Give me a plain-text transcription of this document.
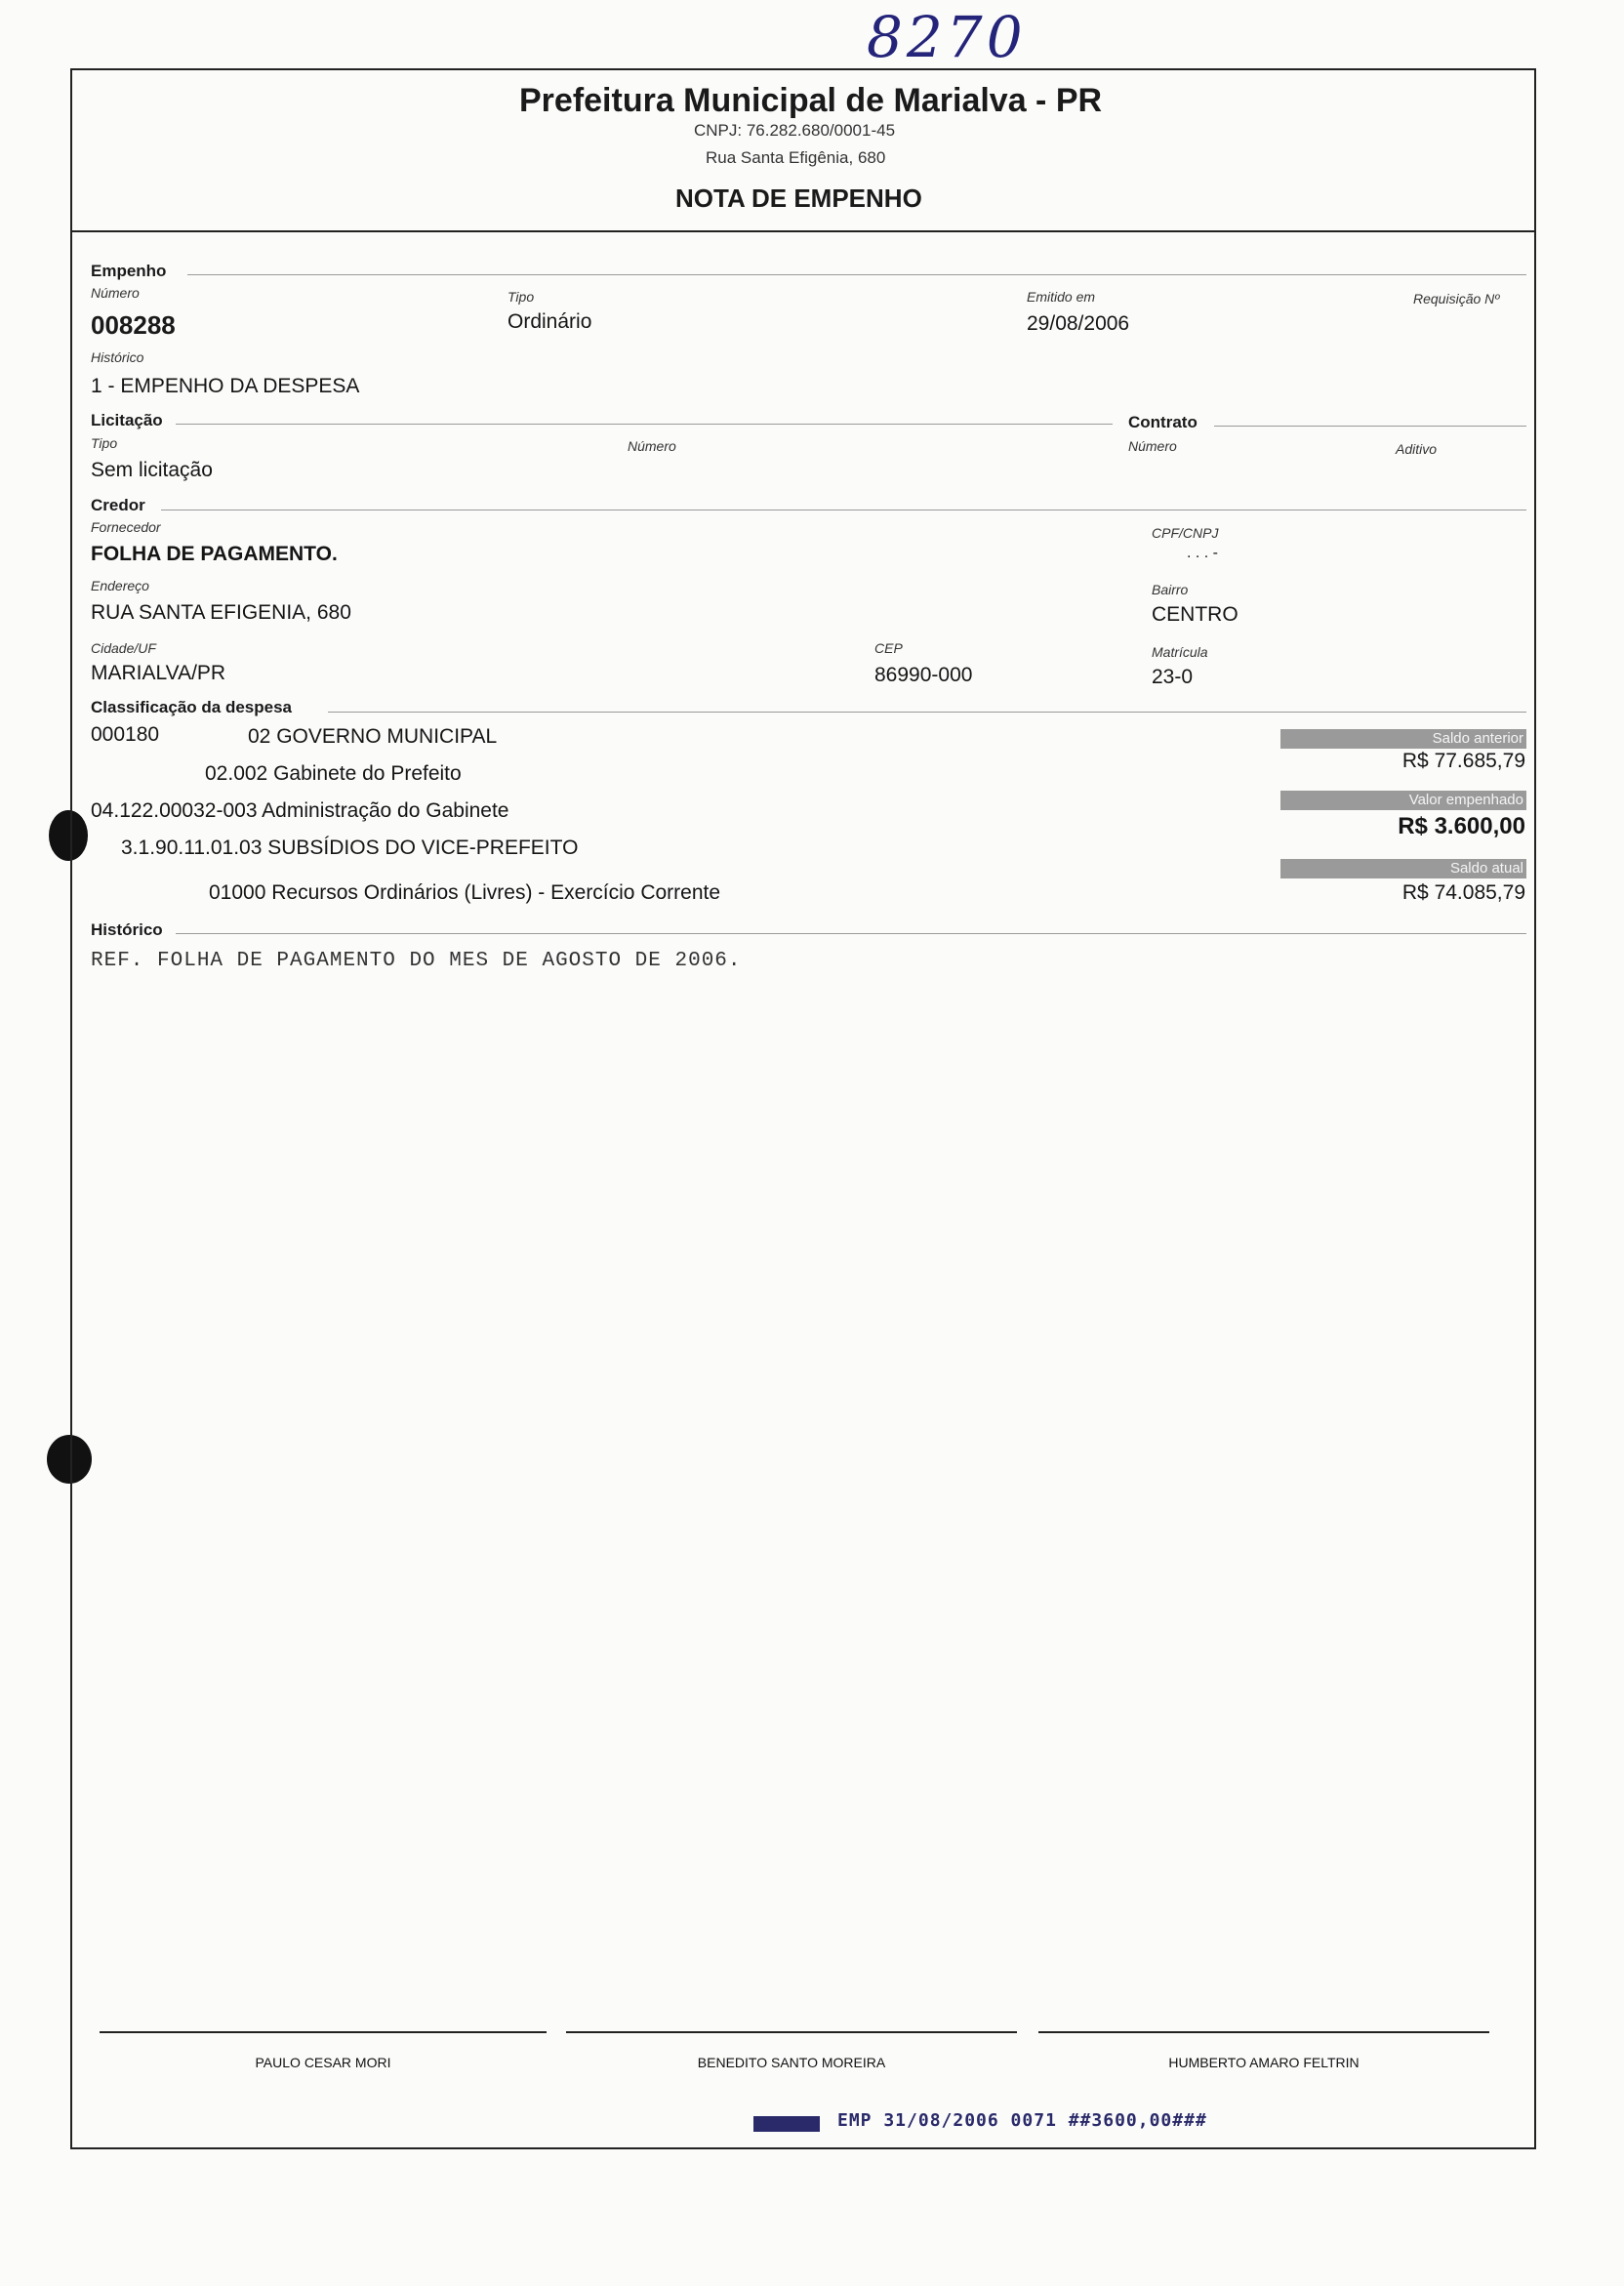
8270
Prefeitura Municipal de Marialva - PR
CNPJ: 76.282.680/0001-45
Rua Santa Efigênia, 680
NOTA DE EMPENHO
Empenho
Número
008288
Tipo
Ordinário
Emitido em
29/08/2006
Requisição Nº
Histórico
1 - EMPENHO DA DESPESA
Licitação	Contrato
Tipo
Sem licitação
Número	Número	Aditivo
Credor
Fornecedor
FOLHA DE PAGAMENTO.
CPF/CNPJ
. . . -
Endereço
RUA SANTA EFIGENIA, 680
Bairro
CENTRO
Cidade/UF
MARIALVA/PR
CEP
86990-000
Matrícula
23-0
Classificação da despesa
000180	02 GOVERNO MUNICIPAL
02.002 Gabinete do Prefeito
04.122.00032-003 Administração do Gabinete
3.1.90.11.01.03 SUBSÍDIOS DO VICE-PREFEITO
01000 Recursos Ordinários (Livres) - Exercício Corrente
Saldo anterior
R$ 77.685,79
Valor empenhado
R$ 3.600,00
Saldo atual
R$ 74.085,79
Histórico
REF. FOLHA DE PAGAMENTO DO MES DE AGOSTO DE 2006.
PAULO CESAR MORI	BENEDITO SANTO MOREIRA	HUMBERTO AMARO FELTRIN
EMP 31/08/2006 0071 ##3600,00###
